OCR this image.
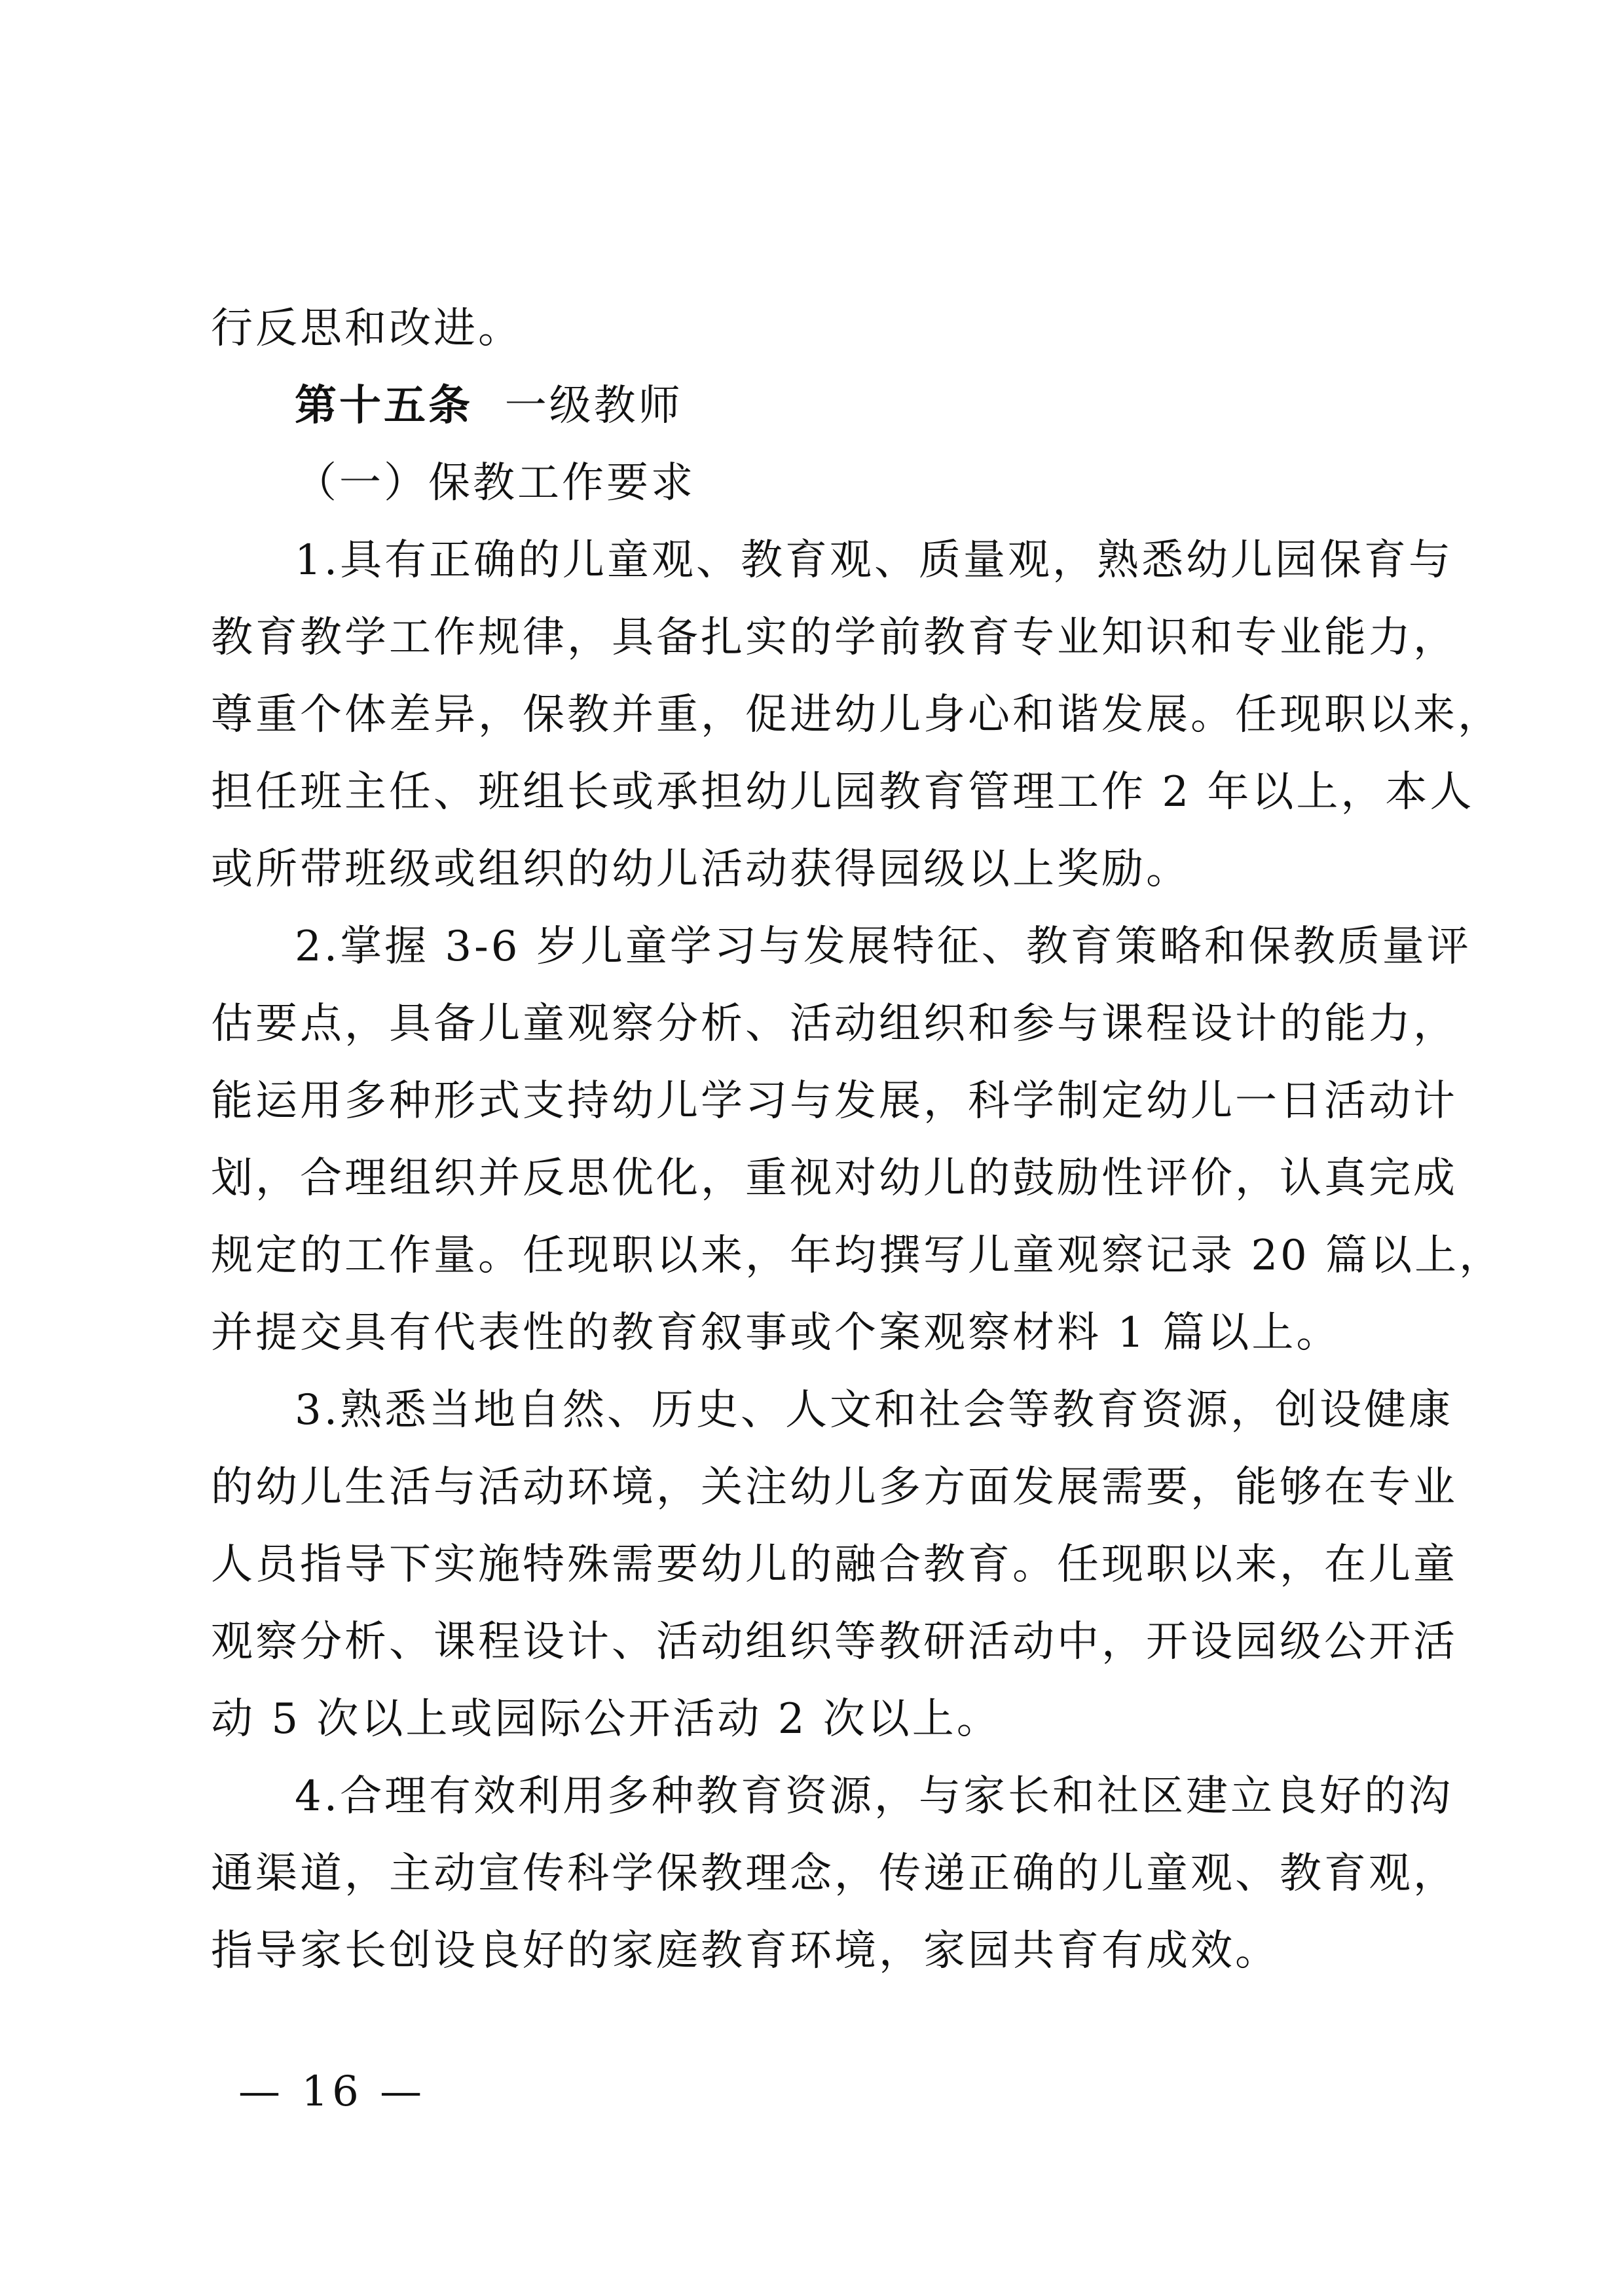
行反思和改进。
第十五条 一级教师
（一）保教工作要求
1.具有正确的儿童观、教育观、质量观，熟悉幼儿园保育与
教育教学工作规律，具备扎实的学前教育专业知识和专业能力，
尊重个体差异，保教并重，促进幼儿身心和谐发展。任现职以来，
担任班主任、班组长或承担幼儿园教育管理工作 2 年以上，本人
或所带班级或组织的幼儿活动获得园级以上奖励。
2.掌握 3-6 岁儿童学习与发展特征、教育策略和保教质量评
估要点，具备儿童观察分析、活动组织和参与课程设计的能力，
能运用多种形式支持幼儿学习与发展，科学制定幼儿一日活动计
划，合理组织并反思优化，重视对幼儿的鼓励性评价，认真完成
规定的工作量。任现职以来，年均撰写儿童观察记录 20 篇以上，
并提交具有代表性的教育叙事或个案观察材料 1 篇以上。
3.熟悉当地自然、历史、人文和社会等教育资源，创设健康
的幼儿生活与活动环境，关注幼儿多方面发展需要，能够在专业
人员指导下实施特殊需要幼儿的融合教育。任现职以来，在儿童
观察分析、课程设计、活动组织等教研活动中，开设园级公开活
动 5 次以上或园际公开活动 2 次以上。
4.合理有效利用多种教育资源，与家长和社区建立良好的沟
通渠道，主动宣传科学保教理念，传递正确的儿童观、教育观，
指导家长创设良好的家庭教育环境，家园共育有成效。
— 16 —
